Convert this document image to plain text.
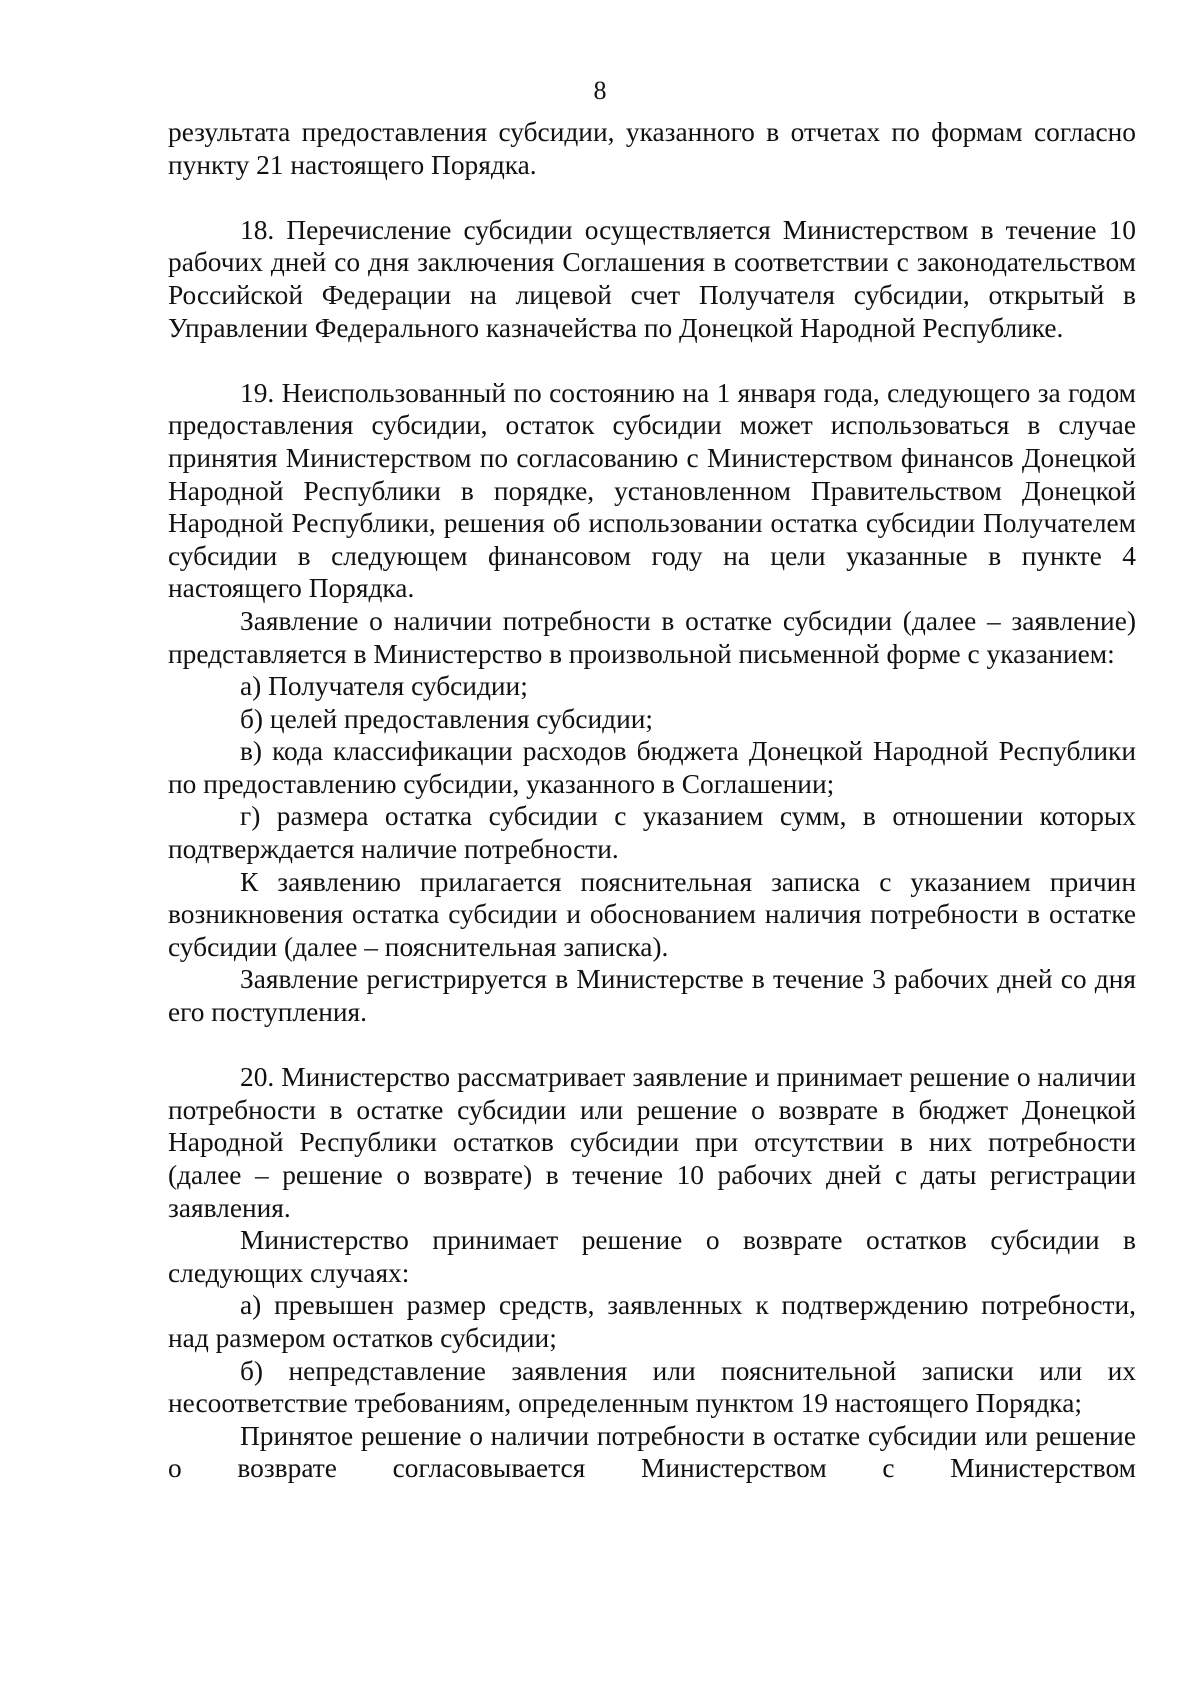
8

результата предоставления субсидии, указанного в отчетах по формам согласно пункту 21 настоящего Порядка.

18. Перечисление субсидии осуществляется Министерством в течение 10 рабочих дней со дня заключения Соглашения в соответствии с законодательством Российской Федерации на лицевой счет Получателя субсидии, открытый в Управлении Федерального казначейства по Донецкой Народной Республике.

19. Неиспользованный по состоянию на 1 января года, следующего за годом предоставления субсидии, остаток субсидии может использоваться в случае принятия Министерством по согласованию с Министерством финансов Донецкой Народной Республики в порядке, установленном Правительством Донецкой Народной Республики, решения об использовании остатка субсидии Получателем субсидии в следующем финансовом году на цели указанные в пункте 4 настоящего Порядка.

Заявление о наличии потребности в остатке субсидии (далее – заявление) представляется в Министерство в произвольной письменной форме с указанием:

а) Получателя субсидии;

б) целей предоставления субсидии;

в) кода классификации расходов бюджета Донецкой Народной Республики по предоставлению субсидии, указанного в Соглашении;

г) размера остатка субсидии с указанием сумм, в отношении которых подтверждается наличие потребности.

К заявлению прилагается пояснительная записка с указанием причин возникновения остатка субсидии и обоснованием наличия потребности в остатке субсидии (далее – пояснительная записка).

Заявление регистрируется в Министерстве в течение 3 рабочих дней со дня его поступления.

20. Министерство рассматривает заявление и принимает решение о наличии потребности в остатке субсидии или решение о возврате в бюджет Донецкой Народной Республики остатков субсидии при отсутствии в них потребности (далее – решение о возврате) в течение 10 рабочих дней с даты регистрации заявления.

Министерство принимает решение о возврате остатков субсидии в следующих случаях:

а) превышен размер средств, заявленных к подтверждению потребности, над размером остатков субсидии;

б) непредставление заявления или пояснительной записки или их несоответствие требованиям, определенным пунктом 19 настоящего Порядка;

Принятое решение о наличии потребности в остатке субсидии или решение о возврате согласовывается Министерством с Министерством
